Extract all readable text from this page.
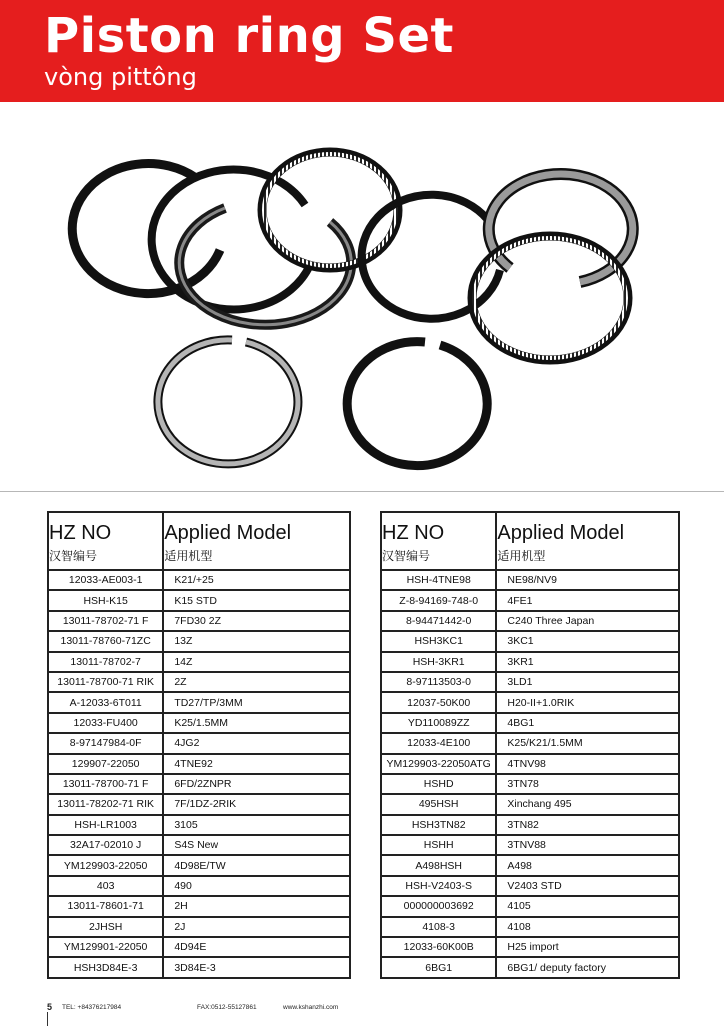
Piston ring Set
vòng pittông
HZ NO
汉智编号	Applied Model
适用机型

12033-AE003-1	K21/+25
HSH-K15	K15 STD
13011-78702-71 F	7FD30 2Z
13011-78760-71ZC	13Z
13011-78702-7	14Z
13011-78700-71 RIK	2Z
A-12033-6T011	TD27/TP/3MM
12033-FU400	K25/1.5MM
8-97147984-0F	4JG2
129907-22050	4TNE92
13011-78700-71 F	6FD/2ZNPR
13011-78202-71 RIK	7F/1DZ-2RIK
HSH-LR1003	3105
32A17-02010 J	S4S New
YM129903-22050	4D98E/TW
403	490
13011-78601-71	2H
2JHSH	2J
YM129901-22050	4D94E
HSH3D84E-3	3D84E-3
HZ NO
汉智编号	Applied Model
适用机型

HSH-4TNE98	NE98/NV9
Z-8-94169-748-0	4FE1
8-94471442-0	C240 Three Japan
HSH3KC1	3KC1
HSH-3KR1	3KR1
8-97113503-0	3LD1
12037-50K00	H20-II+1.0RIK
YD110089ZZ	4BG1
12033-4E100	K25/K21/1.5MM
YM129903-22050ATG	4TNV98
HSHD	3TN78
495HSH	Xinchang 495
HSH3TN82	3TN82
HSHH	3TNV88
A498HSH	A498
HSH-V2403-S	V2403 STD
000000003692	4105
4108-3	4108
12033-60K00B	H25 import
6BG1	6BG1/ deputy factory
5 TEL: +84376217984	FAX:0512-55127861	www.kshanzhi.com
